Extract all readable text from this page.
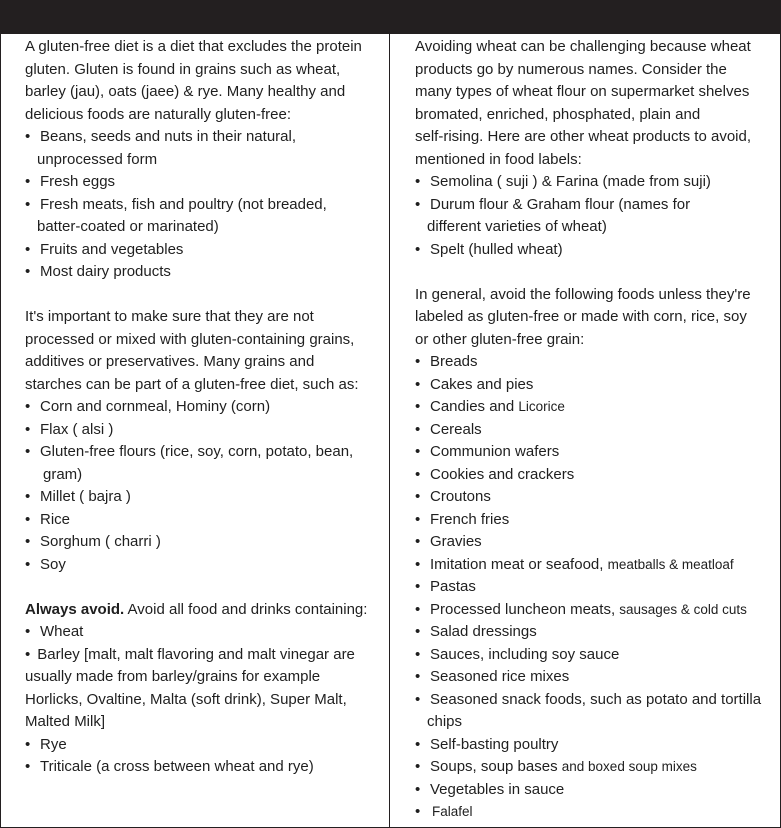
A gluten-free diet is a diet that excludes the protein
gluten. Gluten is found in grains such as wheat,
barley (jau), oats (jaee) & rye. Many healthy and
delicious foods are naturally gluten-free:

• Beans, seeds and nuts in their natural,

unprocessed form
• Fresh eggs
• Fresh meats, fish and poultry (not breaded,

batter-coated or marinated)
• Fruits and vegetables
• Most dairy products

It's important to make sure that they are not
processed or mixed with gluten-containing grains,
additives or preservatives. Many grains and
starches can be part of a gluten-free diet, such as:

• Corn and cornmeal, Hominy (corn)
• Flax ( alsi )
• Gluten-free flours (rice, soy, corn, potato, bean,

gram)
• Millet ( bajra )
• Rice
• Sorghum ( charri )
• Soy

Always avoid. Avoid all food and drinks containing:

• Wheat

• Barley [malt, malt flavoring and malt vinegar are
usually made from barley/grains for example
Horlicks, Ovaltine, Malta (soft drink), Super Malt,
Malted Milk]

• Rye
• Triticale (a cross between wheat and rye)

Avoiding wheat can be challenging because wheat
products go by numerous names. Consider the
many types of wheat flour on supermarket shelves
bromated, enriched, phosphated, plain and
self-rising. Here are other wheat products to avoid,
mentioned in food labels:

• Semolina ( suji ) & Farina (made from suji)
• Durum flour & Graham flour (names for

different varieties of wheat)
• Spelt (hulled wheat)

In general, avoid the following foods unless they're
labeled as gluten-free or made with corn, rice, soy
or other gluten-free grain:

• Breads
• Cakes and pies
• Candies and Licorice
• Cereals
• Communion wafers
• Cookies and crackers
• Croutons
• French fries
• Gravies
• Imitation meat or seafood, meatballs & meatloaf
• Pastas
• Processed luncheon meats, sausages & cold cuts
• Salad dressings
• Sauces, including soy sauce
• Seasoned rice mixes
• Seasoned snack foods, such as potato and tortilla

chips
• Self-basting poultry
• Soups, soup bases and boxed soup mixes
• Vegetables in sauce
• Falafel
